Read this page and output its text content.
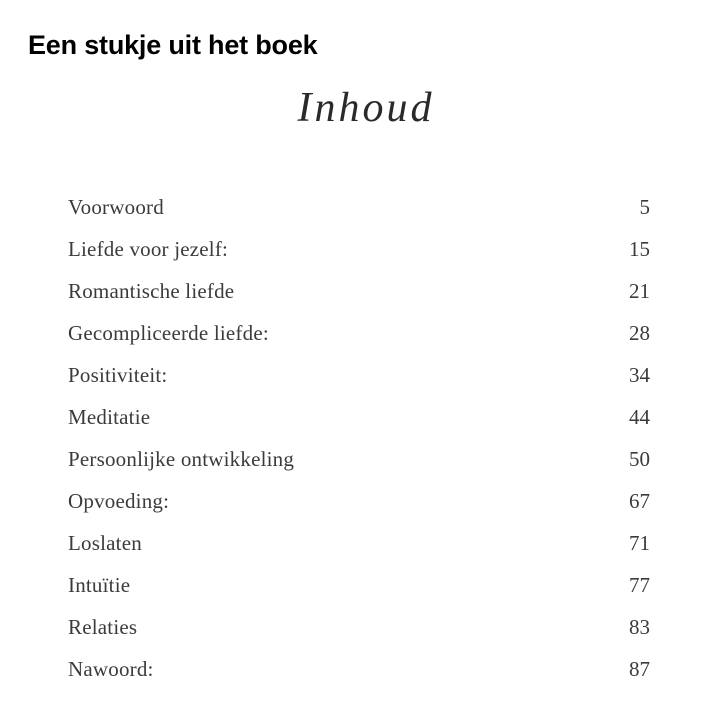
Een stukje uit het boek
Inhoud
Voorwoord	5
Liefde voor jezelf:	15
Romantische liefde	21
Gecompliceerde liefde:	28
Positiviteit:	34
Meditatie	44
Persoonlijke ontwikkeling	50
Opvoeding:	67
Loslaten	71
Intuïtie	77
Relaties	83
Nawoord:	87
